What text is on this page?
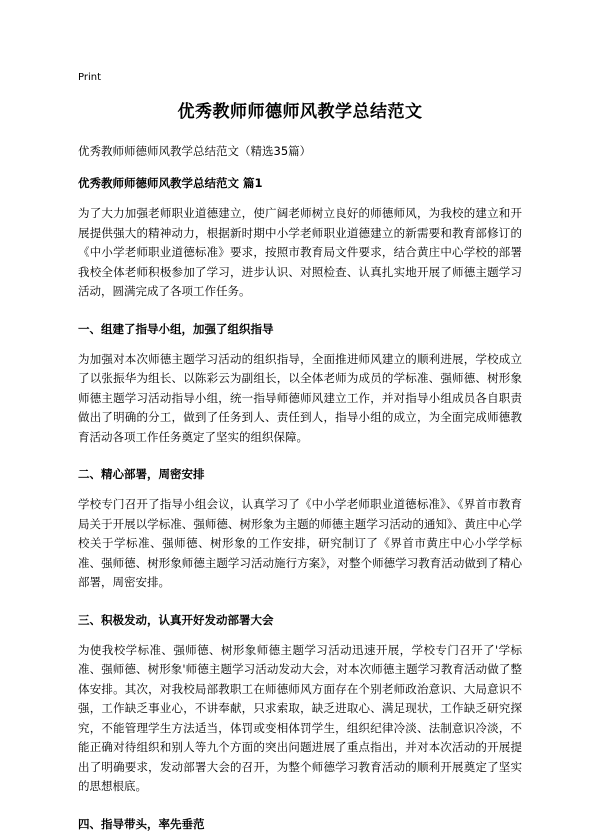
Print
优秀教师师德师风教学总结范文

优秀教师师德师风教学总结范文（精选35篇）

优秀教师师德师风教学总结范文 篇1

为了大力加强老师职业道德建立，使广阔老师树立良好的师德师风，为我校的建立和开展提供强大的精神动力，根据新时期中小学老师职业道德建立的新需要和教育部修订的《中小学老师职业道德标准》要求，按照市教育局文件要求，结合黄庄中心学校的部署我校全体老师积极参加了学习，进步认识、对照检查、认真扎实地开展了师德主题学习活动，圆满完成了各项工作任务。

一、组建了指导小组，加强了组织指导

为加强对本次师德主题学习活动的组织指导，全面推进师风建立的顺利进展，学校成立了以张振华为组长、以陈彩云为副组长，以全体老师为成员的学标准、强师德、树形象师德主题学习活动指导小组，统一指导师德师风建立工作，并对指导小组成员各自职责做出了明确的分工，做到了任务到人、责任到人，指导小组的成立，为全面完成师德教育活动各项工作任务奠定了坚实的组织保障。

二、精心部署，周密安排

学校专门召开了指导小组会议，认真学习了《中小学老师职业道德标准》、《界首市教育局关于开展以学标准、强师德、树形象为主题的师德主题学习活动的通知》、黄庄中心学校关于学标准、强师德、树形象的工作安排，研究制订了《界首市黄庄中心小学学标准、强师德、树形象师德主题学习活动施行方案》，对整个师德学习教育活动做到了精心部署，周密安排。

三、积极发动，认真开好发动部署大会

为使我校学标准、强师德、树形象师德主题学习活动迅速开展，学校专门召开了'学标准、强师德、树形象'师德主题学习活动发动大会，对本次师德主题学习教育活动做了整体安排。其次，对我校局部教职工在师德师风方面存在个别老师政治意识、大局意识不强，工作缺乏事业心，不讲奉献，只求索取，缺乏进取心、满足现状，工作缺乏研究探究，不能管理学生方法适当，体罚或变相体罚学生，组织纪律冷淡、法制意识冷淡，不能正确对待组织和别人等九个方面的突出问题进展了重点指出，并对本次活动的开展提出了明确要求，发动部署大会的召开，为整个师德学习教育活动的顺利开展奠定了坚实的思想根底。

四、指导带头，率先垂范
